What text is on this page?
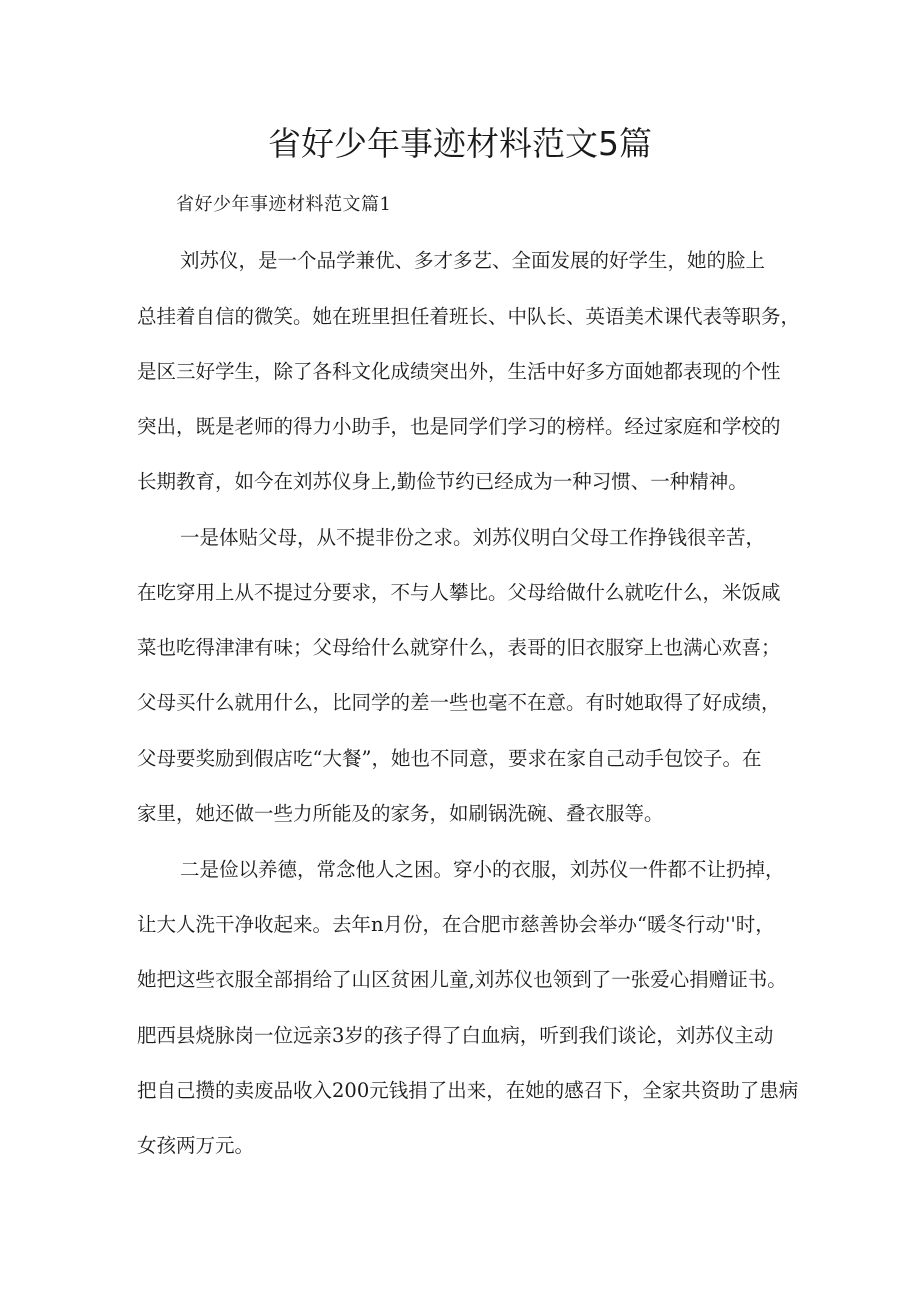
省好少年事迹材料范文5篇
省好少年事迹材料范文篇1
刘苏仪，是一个品学兼优、多才多艺、全面发展的好学生，她的脸上
总挂着自信的微笑。她在班里担任着班长、中队长、英语美术课代表等职务，
是区三好学生，除了各科文化成绩突出外，生活中好多方面她都表现的个性
突出，既是老师的得力小助手，也是同学们学习的榜样。经过家庭和学校的
长期教育，如今在刘苏仪身上,勤俭节约已经成为一种习惯、一种精神。
一是体贴父母，从不提非份之求。刘苏仪明白父母工作挣钱很辛苦，
在吃穿用上从不提过分要求，不与人攀比。父母给做什么就吃什么，米饭咸
菜也吃得津津有味；父母给什么就穿什么，表哥的旧衣服穿上也满心欢喜；
父母买什么就用什么，比同学的差一些也毫不在意。有时她取得了好成绩，
父母要奖励到假店吃“大餐”，她也不同意，要求在家自己动手包饺子。在
家里，她还做一些力所能及的家务，如刷锅洗碗、叠衣服等。
二是俭以养德，常念他人之困。穿小的衣服，刘苏仪一件都不让扔掉，
让大人洗干净收起来。去年n月份，在合肥市慈善协会举办“暖冬行动''时，
她把这些衣服全部捐给了山区贫困儿童,刘苏仪也领到了一张爱心捐赠证书。
肥西县烧脉岗一位远亲3岁的孩子得了白血病，听到我们谈论，刘苏仪主动
把自己攒的卖废品收入200元钱捐了出来，在她的感召下，全家共资助了患病
女孩两万元。
